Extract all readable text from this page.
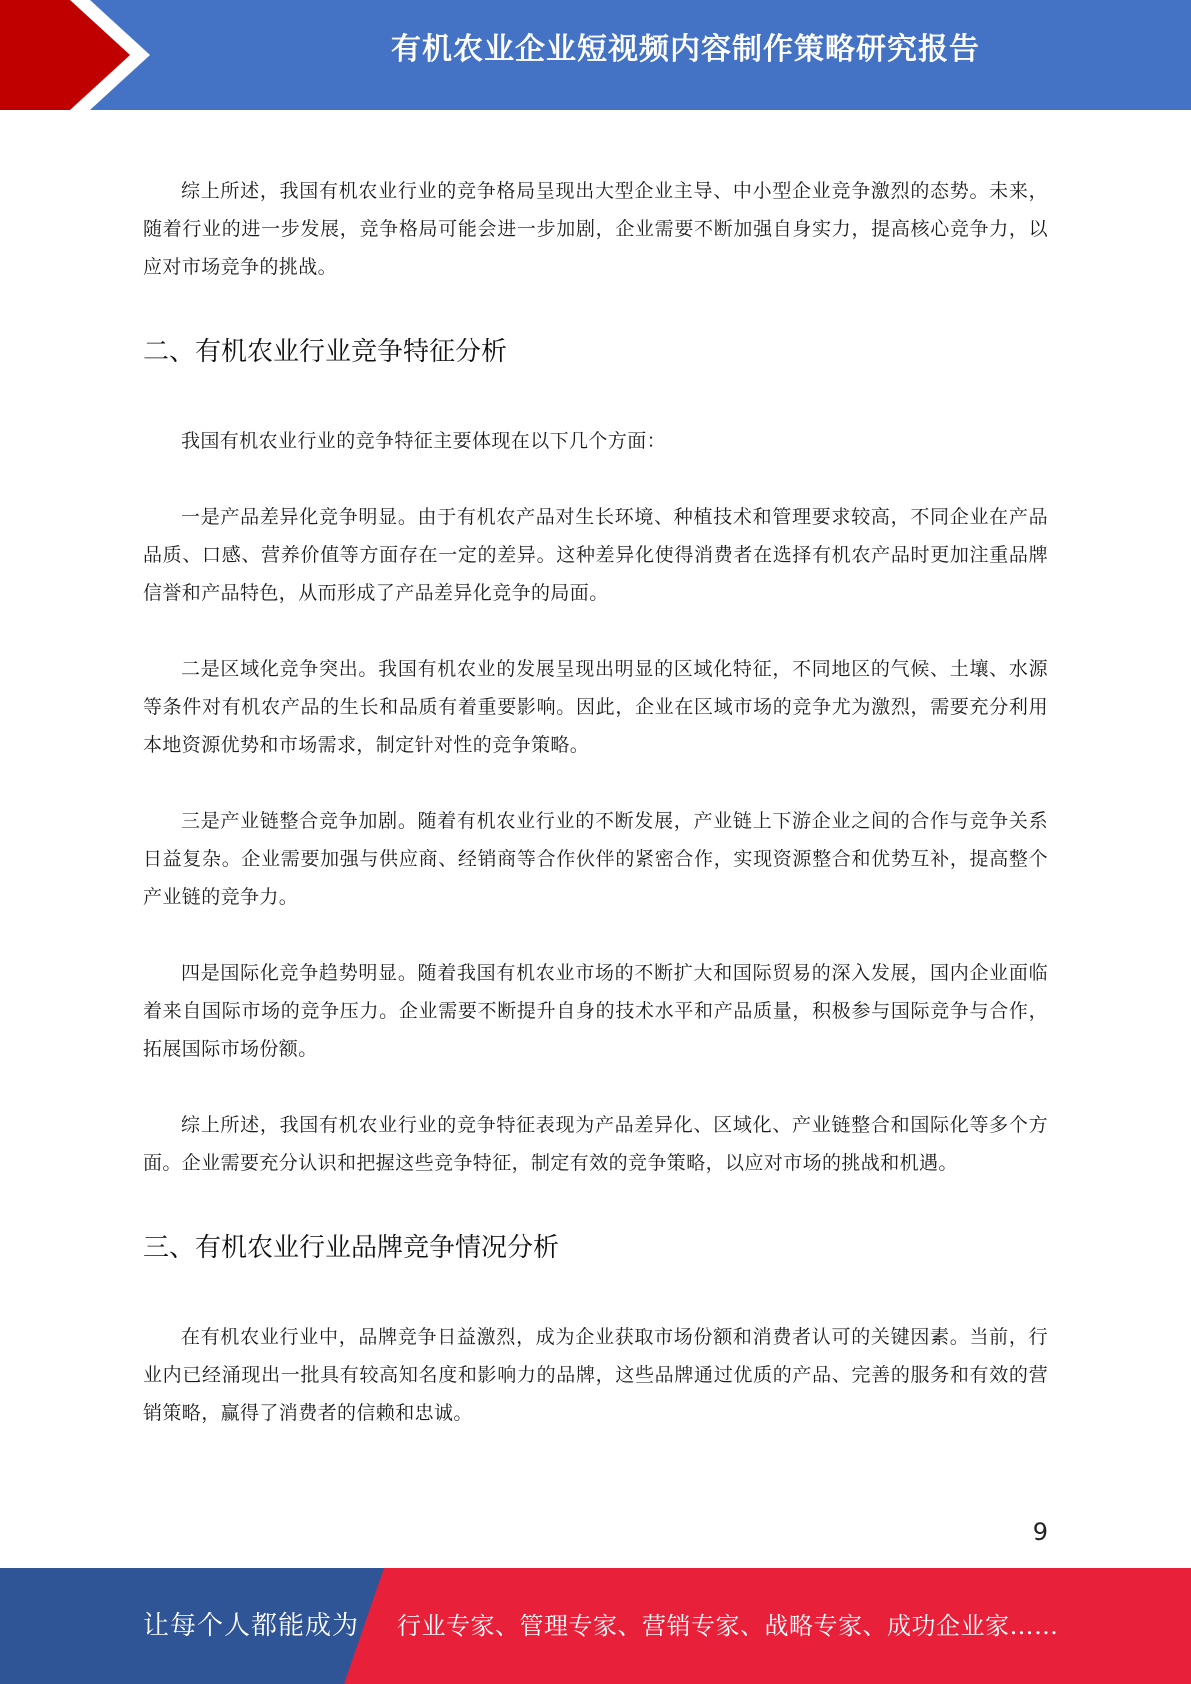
有机农业企业短视频内容制作策略研究报告

综上所述，我国有机农业行业的竞争格局呈现出大型企业主导、中小型企业竞争激烈的态势。未来，随着行业的进一步发展，竞争格局可能会进一步加剧，企业需要不断加强自身实力，提高核心竞争力，以应对市场竞争的挑战。

二、有机农业行业竞争特征分析

我国有机农业行业的竞争特征主要体现在以下几个方面：

一是产品差异化竞争明显。由于有机农产品对生长环境、种植技术和管理要求较高，不同企业在产品品质、口感、营养价值等方面存在一定的差异。这种差异化使得消费者在选择有机农产品时更加注重品牌信誉和产品特色，从而形成了产品差异化竞争的局面。

二是区域化竞争突出。我国有机农业的发展呈现出明显的区域化特征，不同地区的气候、土壤、水源等条件对有机农产品的生长和品质有着重要影响。因此，企业在区域市场的竞争尤为激烈，需要充分利用本地资源优势和市场需求，制定针对性的竞争策略。

三是产业链整合竞争加剧。随着有机农业行业的不断发展，产业链上下游企业之间的合作与竞争关系日益复杂。企业需要加强与供应商、经销商等合作伙伴的紧密合作，实现资源整合和优势互补，提高整个产业链的竞争力。

四是国际化竞争趋势明显。随着我国有机农业市场的不断扩大和国际贸易的深入发展，国内企业面临着来自国际市场的竞争压力。企业需要不断提升自身的技术水平和产品质量，积极参与国际竞争与合作，拓展国际市场份额。

综上所述，我国有机农业行业的竞争特征表现为产品差异化、区域化、产业链整合和国际化等多个方面。企业需要充分认识和把握这些竞争特征，制定有效的竞争策略，以应对市场的挑战和机遇。

三、有机农业行业品牌竞争情况分析

在有机农业行业中，品牌竞争日益激烈，成为企业获取市场份额和消费者认可的关键因素。当前，行业内已经涌现出一批具有较高知名度和影响力的品牌，这些品牌通过优质的产品、完善的服务和有效的营销策略，赢得了消费者的信赖和忠诚。

9
让每个人都能成为 行业专家、管理专家、营销专家、战略专家、成功企业家……
